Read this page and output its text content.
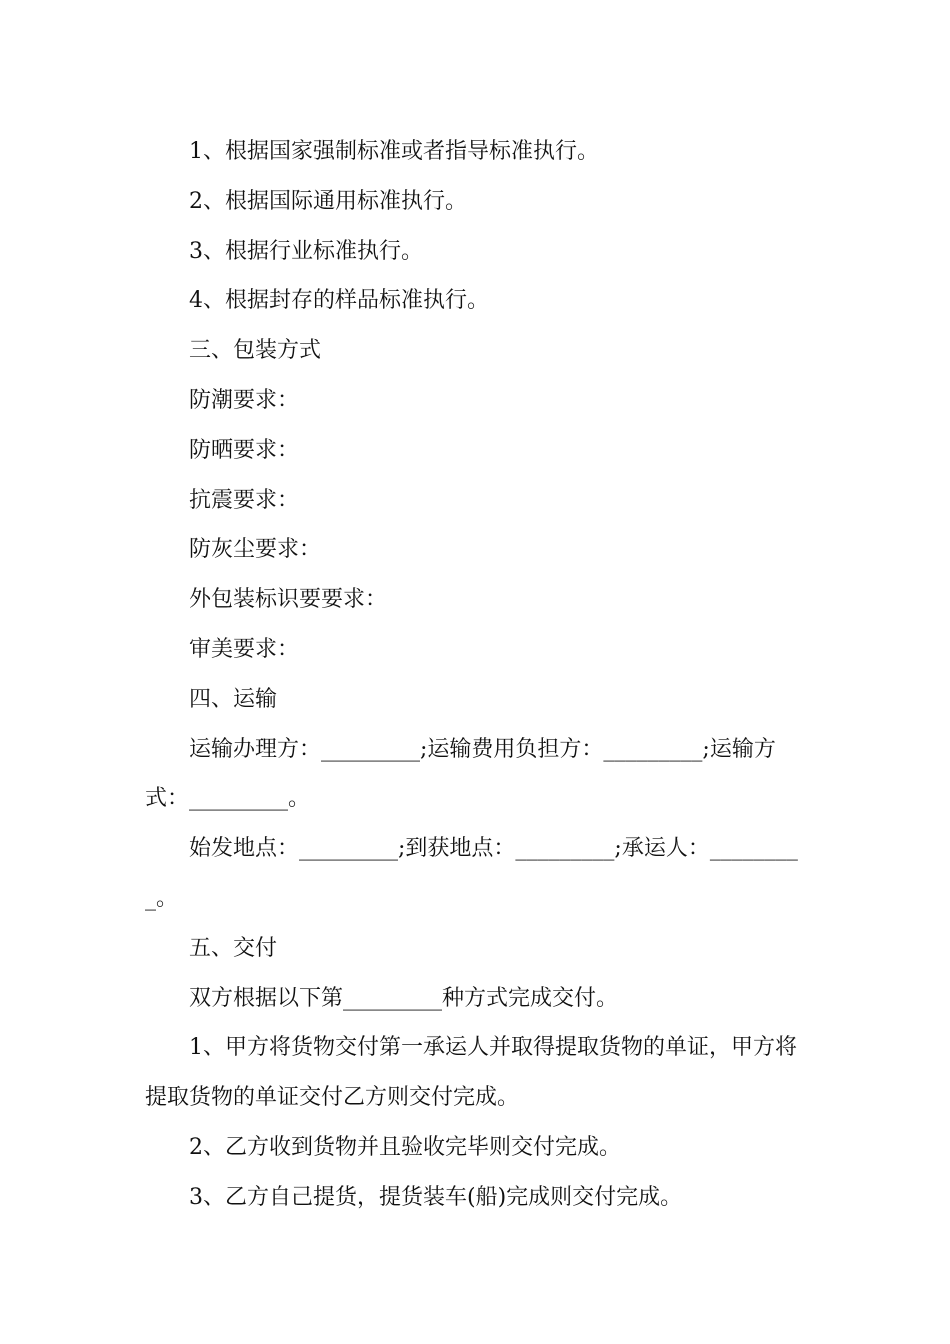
1、根据国家强制标准或者指导标准执行。

2、根据国际通用标准执行。

3、根据行业标准执行。

4、根据封存的样品标准执行。

三、包装方式

防潮要求：

防晒要求：

抗震要求：

防灰尘要求：

外包装标识要要求：

审美要求：

四、运输

运输办理方：_________;运输费用负担方：_________;运输方式：_________。

始发地点：_________;到获地点：_________;承运人：_________。

五、交付

双方根据以下第_________种方式完成交付。

1、甲方将货物交付第一承运人并取得提取货物的单证，甲方将提取货物的单证交付乙方则交付完成。

2、乙方收到货物并且验收完毕则交付完成。

3、乙方自己提货，提货装车(船)完成则交付完成。
